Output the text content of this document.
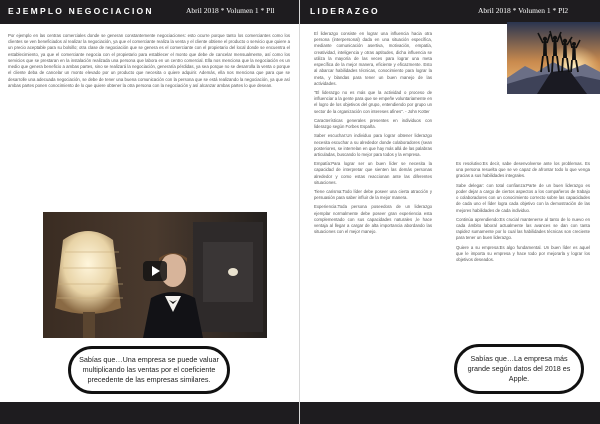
EJEMPLO NEGOCIACION	Abril 2018 * Volumen 1 * Pll

Por ejemplo en las centras comerciales donde se generan constantemente negociaciones: esto ocurre porque tanto los comerciantes como los clientes se ven beneficiados al realizar la negociación, ya que el comerciante realiza la venta y el cliente obtiene el producto o servicio que quiere a un precio aceptable para su bolsillo; otra clase de negociación que se genera es el comerciante con el propietario del local donde se encuentra el establecimiento, ya que el comerciante negocia con el propietario para establecer el monto que debe de cancelar mensualmente, así como los servicios que se prestaran en la instalación realizada una persona que labora en un centro comercial. Ella nos menciona que la negociación es un medio que genera beneficio a ambas partes, sino se realizará la negociación, generaría pérdidas, ya sea porque no se desarrolla la venta o porque el cliente deba de cancelar un monto elevado por un producto que necesita o quiere adquirir. Además, ella nos menciona que para que se desarrolle una adecuada negociación, se debe de tener una buena comunicación con la persona que se está realizando la negociación, ya que así ambas partes ponen conocimiento de lo que quiere obtener la otra persona con la negociación y así alcanzar ambas partes lo que desean.

Sabías que…Una empresa se puede valuar multiplicando las ventas por el coeficiente precedente de las empresas similares.
LIDERAZGO	Abril 2018 * Volumen 1 * Pl2

El liderazgo consiste en lograr una influencia hacia otra persona (interpersonal) dada en una situación específica, mediante comunicación asertiva, motivación, empatía, creatividad, inteligencia y otras aptitudes, dicha influencia se utiliza la mayoría de las veces para lograr una meta específica de la mejor manera, eficiente y eficazmente. Esto al abarcar habilidades técnicas, conocimiento para lograr la meta, y blandas para tener un buen manejo de las actividades.

"El liderazgo no es más que la actividad o proceso de influenciar a la gente para que se empeñe voluntariamente en el logro de los objetivos del grupo, entendiendo por grupo un sector de la organización con intereses afines". - John Kotter

Características generales presentes en individuos con liderazgo según Forbes España.

Saber escuchar:Un individuo para lograr obtener liderazgo necesita escuchar a su alrededor donde colaboradores (sean posteriores, se interrelan en que hay más allá de las palabras articuladas, buscando lo mejor para todos y la empresa.

Empatía:Para lograr ser un buen líder se necesita la capacidad de interpretar que sienten las demás personas alrededor y como estas reaccionan ante las diferentes situaciones.

Tiene carisma:Todo líder debe poseer una cierta atracción y persuasión para saber influir de la mejor manera.

Experiencia:Toda persona poseedora de un liderazgo ejemplar normalmente debe poseer gran experiencia esta complementado con sus capacidades naturales ,le hace ventaja al llegar a cargar de alta importancia abordando las situaciones con el mejor manejo.

Es resolutivo:Es decir, sabe desenvolverse ante los problemas. Es una persona resuelta que se ve capaz de afrontar todo lo que venga gracias a sus habilidades integrales.

Sabe delegar: con total confianza:Parte de un buen liderazgo es poder dejar a cargo de ciertos aspectos a los compañeros de trabajo o colaboradores con un conocimiento correcto sobre las capacidades de cada uno el líder logra cada objetivo con la demostración de las mejores habilidades de cada individuo.

Continúa aprendiendo:Es crucial mantenerse al tanto de lo nuevo en cada ámbito laboral actualmente las avances se dan con tanta rapidez sumamente por lo cual las habilidades técnicas son creciente para tener un buen liderazgo.

Quiere a su empresa:Es algo fundamental. Un buen líder es aquel que le importa su empresa y hace todo por mejorarla y lograr los objetivos deseados.

Sabías que…La empresa más grande según datos del 2018 es Apple.
